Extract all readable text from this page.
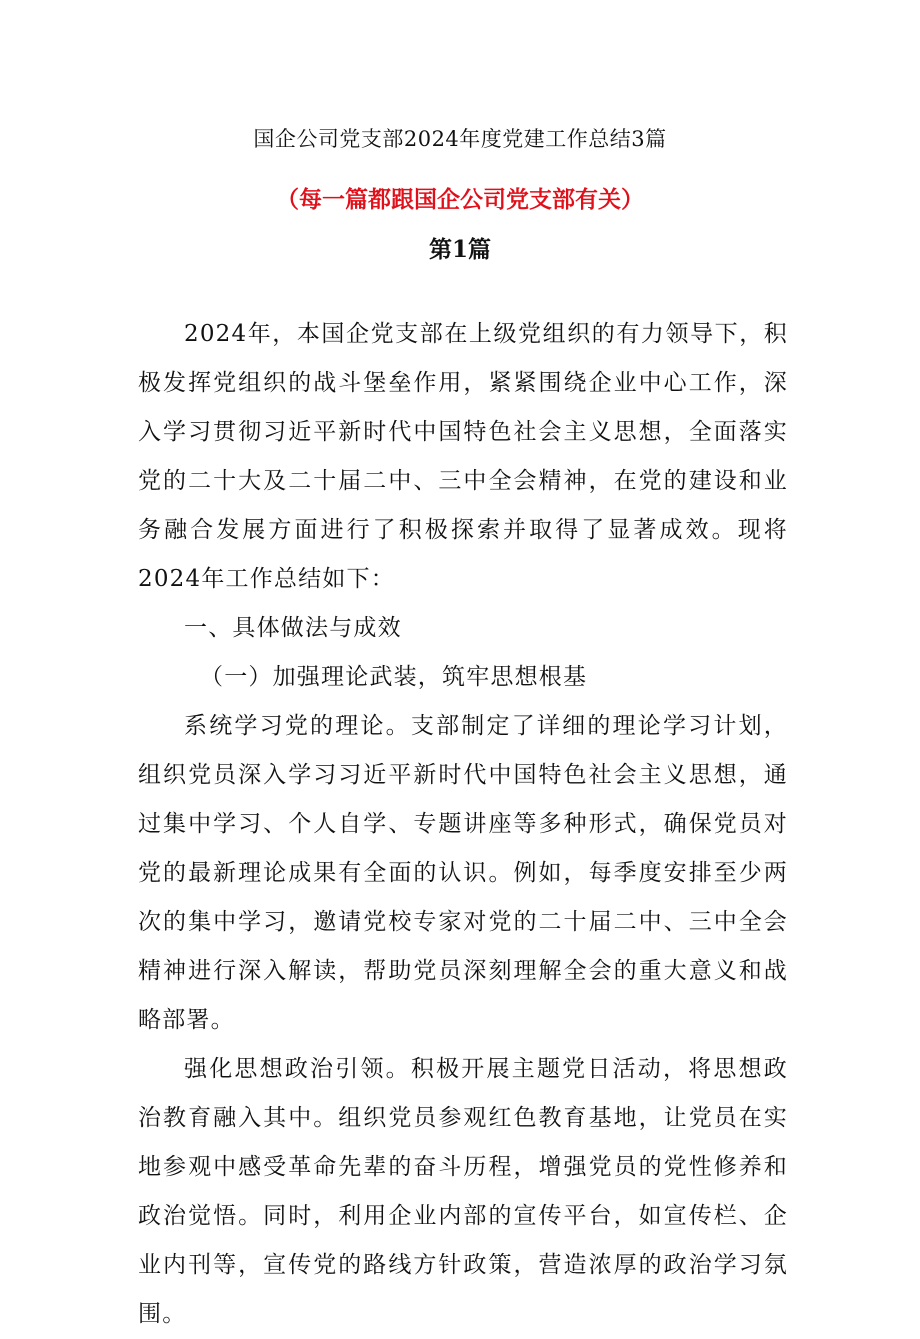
国企公司党支部2024年度党建工作总结3篇
（每一篇都跟国企公司党支部有关）
第1篇

2024年，本国企党支部在上级党组织的有力领导下，积极发挥党组织的战斗堡垒作用，紧紧围绕企业中心工作，深入学习贯彻习近平新时代中国特色社会主义思想，全面落实党的二十大及二十届二中、三中全会精神，在党的建设和业务融合发展方面进行了积极探索并取得了显著成效。现将2024年工作总结如下：

一、具体做法与成效

（一）加强理论武装，筑牢思想根基

系统学习党的理论。支部制定了详细的理论学习计划，组织党员深入学习习近平新时代中国特色社会主义思想，通过集中学习、个人自学、专题讲座等多种形式，确保党员对党的最新理论成果有全面的认识。例如，每季度安排至少两次的集中学习，邀请党校专家对党的二十届二中、三中全会精神进行深入解读，帮助党员深刻理解全会的重大意义和战略部署。

强化思想政治引领。积极开展主题党日活动，将思想政治教育融入其中。组织党员参观红色教育基地，让党员在实地参观中感受革命先辈的奋斗历程，增强党员的党性修养和政治觉悟。同时，利用企业内部的宣传平台，如宣传栏、企业内刊等，宣传党的路线方针政策，营造浓厚的政治学习氛围。
